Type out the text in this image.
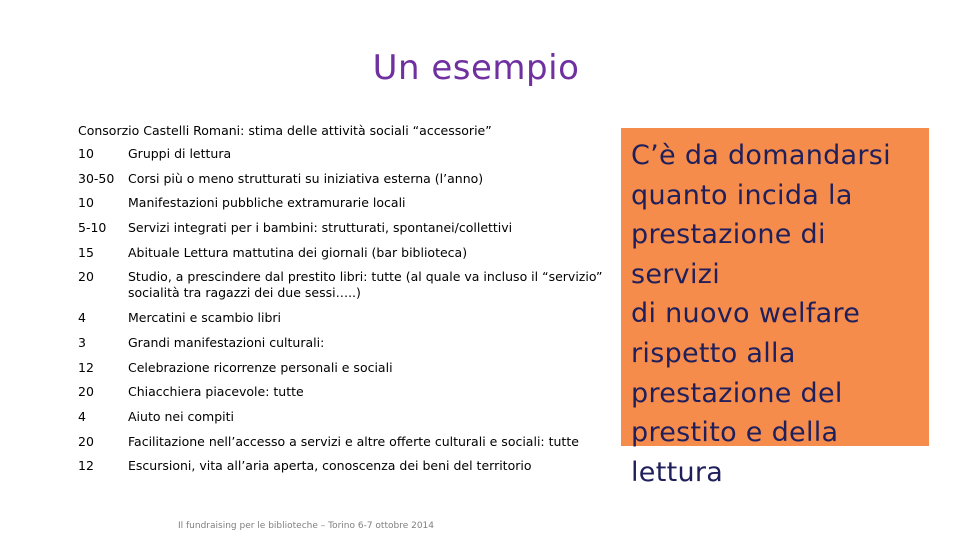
Un esempio
Consorzio Castelli Romani: stima delle attività sociali “accessorie”
10	Gruppi di lettura
30-50	Corsi più o meno strutturati su iniziativa esterna (l’anno)
10	Manifestazioni pubbliche extramurarie locali
5-10	Servizi integrati per i bambini: strutturati, spontanei/collettivi
15	Abituale Lettura mattutina dei giornali (bar biblioteca)
20	Studio, a prescindere dal prestito libri: tutte (al quale va incluso il “servizio”
socialità tra ragazzi dei due sessi…..)
4	Mercatini e scambio libri
3	Grandi manifestazioni culturali:
12	Celebrazione ricorrenze personali e sociali
20	Chiacchiera piacevole: tutte
4	Aiuto nei compiti
20	Facilitazione nell’accesso a servizi e altre offerte culturali e sociali: tutte
12	Escursioni, vita all’aria aperta, conoscenza dei beni del territorio
C’è da domandarsi
quanto incida la
prestazione di servizi
di nuovo welfare
rispetto alla
prestazione del
prestito e della
lettura
Il fundraising per le biblioteche – Torino 6-7 ottobre 2014
